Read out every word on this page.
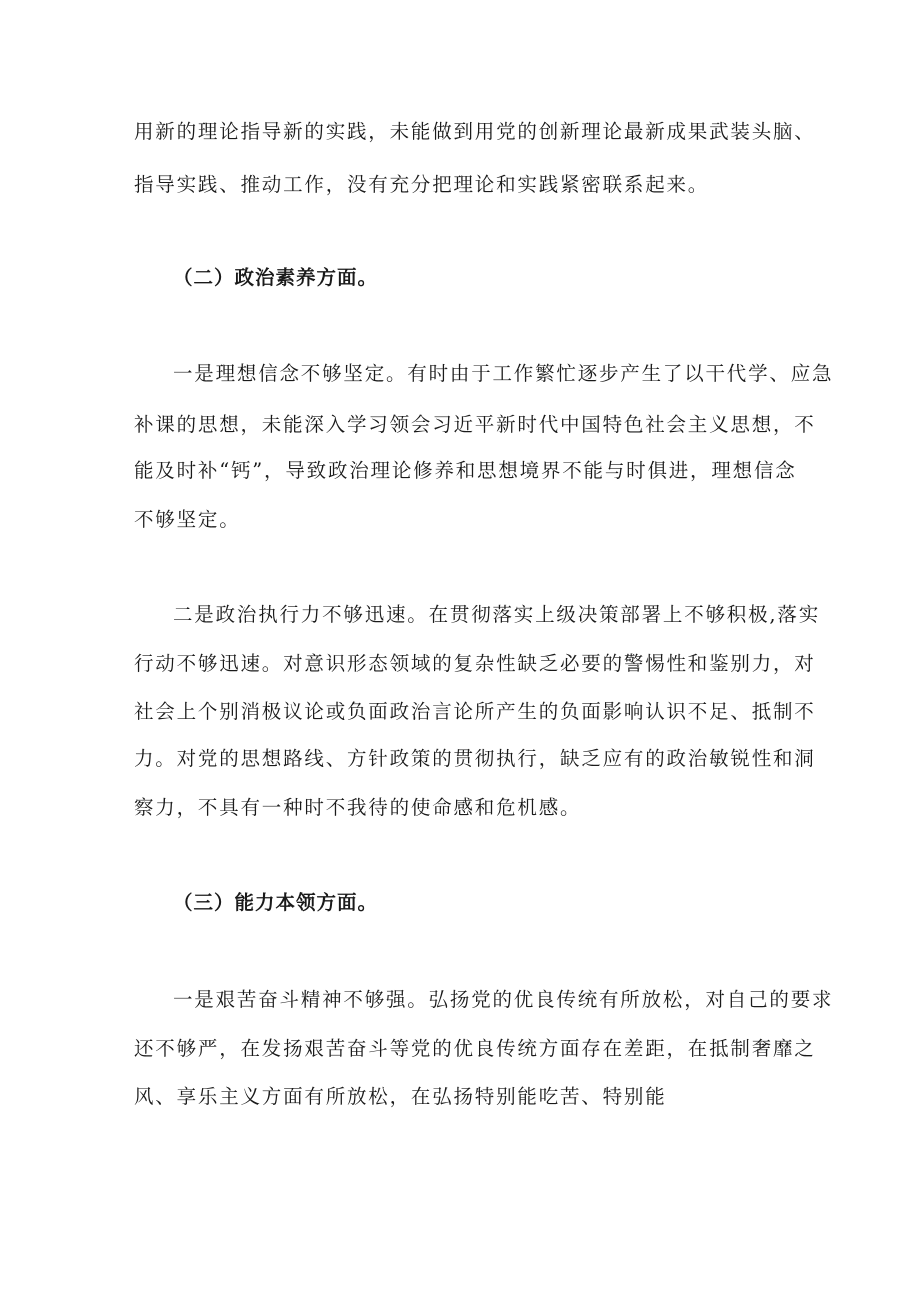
用新的理论指导新的实践，未能做到用党的创新理论最新成果武装头脑、
指导实践、推动工作，没有充分把理论和实践紧密联系起来。
（二）政治素养方面。
一是理想信念不够坚定。有时由于工作繁忙逐步产生了以干代学、应急
补课的思想，未能深入学习领会习近平新时代中国特色社会主义思想，不
能及时补“钙”，导致政治理论修养和思想境界不能与时俱进，理想信念
不够坚定。
二是政治执行力不够迅速。在贯彻落实上级决策部署上不够积极,落实
行动不够迅速。对意识形态领域的复杂性缺乏必要的警惕性和鉴别力，对
社会上个别消极议论或负面政治言论所产生的负面影响认识不足、抵制不
力。对党的思想路线、方针政策的贯彻执行，缺乏应有的政治敏锐性和洞
察力，不具有一种时不我待的使命感和危机感。
（三）能力本领方面。
一是艰苦奋斗精神不够强。弘扬党的优良传统有所放松，对自己的要求
还不够严，在发扬艰苦奋斗等党的优良传统方面存在差距，在抵制奢靡之
风、享乐主义方面有所放松，在弘扬特别能吃苦、特别能
